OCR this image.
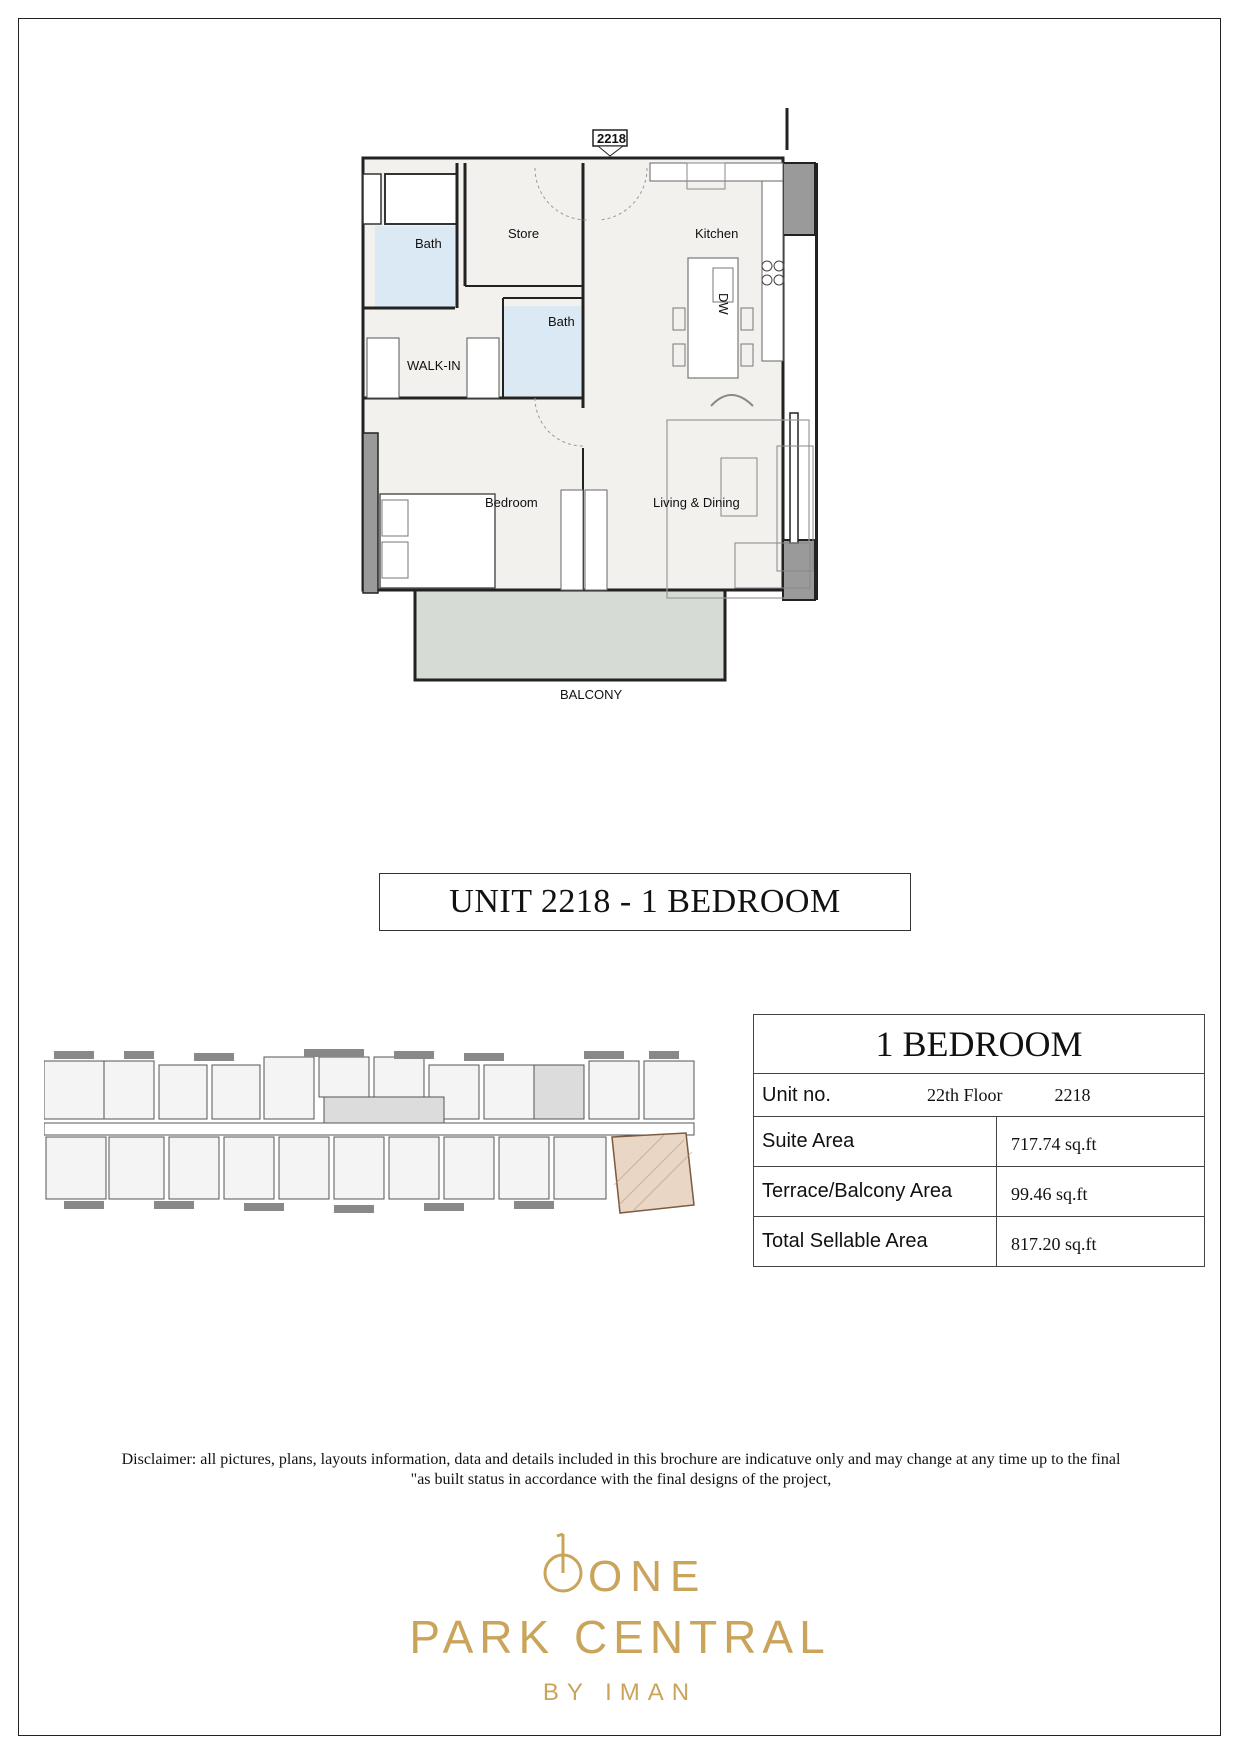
DW
2218
Bath
Store	Kitchen
Bath
WALK-IN
Bedroom	Living & Dining
BALCONY
UNIT 2218 - 1 BEDROOM
1 BEDROOM	

Unit no. 22th Floor 2218	

Suite Area	717.74 sq.ft
Terrace/Balcony Area	99.46 sq.ft
Total Sellable Area	817.20 sq.ft
Disclaimer: all pictures, plans, layouts information, data and details included in this brochure are indicatuve only and may change at any time up to the final
"as built status in accordance with the final designs of the project,
ONE
PARK CENTRAL
BY IMAN
